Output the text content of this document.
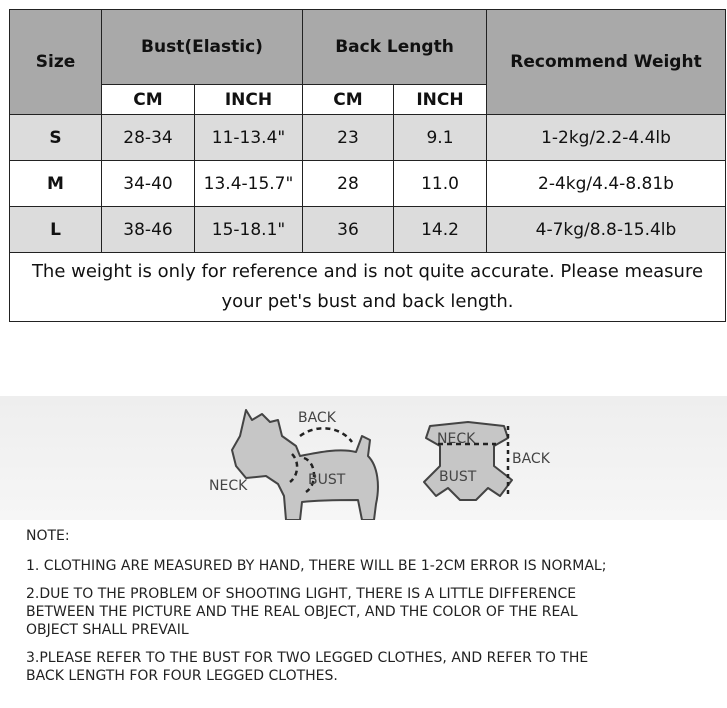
Size	Bust(Elastic)		Back Length		Recommend Weight
	CM	INCH	CM	INCH	
S	28-34	11-13.4"	23	9.1	1-2kg/2.2-4.4lb
M	34-40	13.4-15.7"	28	11.0	2-4kg/4.4-8.81b
L	38-46	15-18.1"	36	14.2	4-7kg/8.8-15.4lb
The weight is only for reference and is not quite accurate. Please measure your pet's bust and back length.					
BACK
NECK	BUST
NECK
BUST
BACK
NOTE:
1. CLOTHING ARE MEASURED BY HAND, THERE WILL BE 1-2CM ERROR IS NORMAL;
2.DUE TO THE PROBLEM OF SHOOTING LIGHT, THERE IS A LITTLE DIFFERENCE
BETWEEN THE PICTURE AND THE REAL OBJECT, AND THE COLOR OF THE REAL
OBJECT SHALL PREVAIL
3.PLEASE REFER TO THE BUST FOR TWO LEGGED CLOTHES, AND REFER TO THE
BACK LENGTH FOR FOUR LEGGED CLOTHES.
